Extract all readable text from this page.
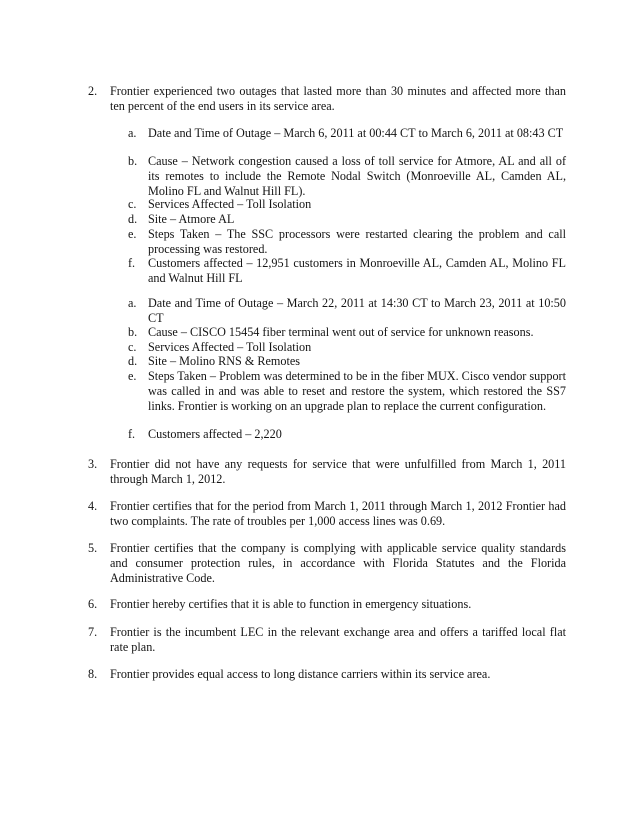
2.	Frontier experienced two outages that lasted more than 30 minutes and affected more than ten percent of the end users in its service area.
a. Date and Time of Outage – March 6, 2011 at 00:44 CT to March 6, 2011 at 08:43 CT
b. Cause – Network congestion caused a loss of toll service for Atmore, AL and all of its remotes to include the Remote Nodal Switch (Monroeville AL, Camden AL, Molino FL and Walnut Hill FL).
c. Services Affected – Toll Isolation
d. Site – Atmore AL
e. Steps Taken – The SSC processors were restarted clearing the problem and call processing was restored.
f.	Customers affected – 12,951 customers in Monroeville AL, Camden AL, Molino FL and Walnut Hill FL
a. Date and Time of Outage – March 22, 2011 at 14:30 CT to March 23, 2011 at 10:50 CT
b. Cause – CISCO 15454 fiber terminal went out of service for unknown reasons.
c. Services Affected – Toll Isolation
d. Site – Molino RNS & Remotes
e. Steps Taken – Problem was determined to be in the fiber MUX. Cisco vendor support was called in and was able to reset and restore the system, which restored the SS7 links. Frontier is working on an upgrade plan to replace the current configuration.
f.	Customers affected – 2,220
3.	Frontier did not have any requests for service that were unfulfilled from March 1, 2011 through March 1, 2012.
4.	Frontier certifies that for the period from March 1, 2011 through March 1, 2012 Frontier had two complaints. The rate of troubles per 1,000 access lines was 0.69.
5.	Frontier certifies that the company is complying with applicable service quality standards and consumer protection rules, in accordance with Florida Statutes and the Florida Administrative Code.
6.	Frontier hereby certifies that it is able to function in emergency situations.
7.	Frontier is the incumbent LEC in the relevant exchange area and offers a tariffed local flat rate plan.
8.	Frontier provides equal access to long distance carriers within its service area.
